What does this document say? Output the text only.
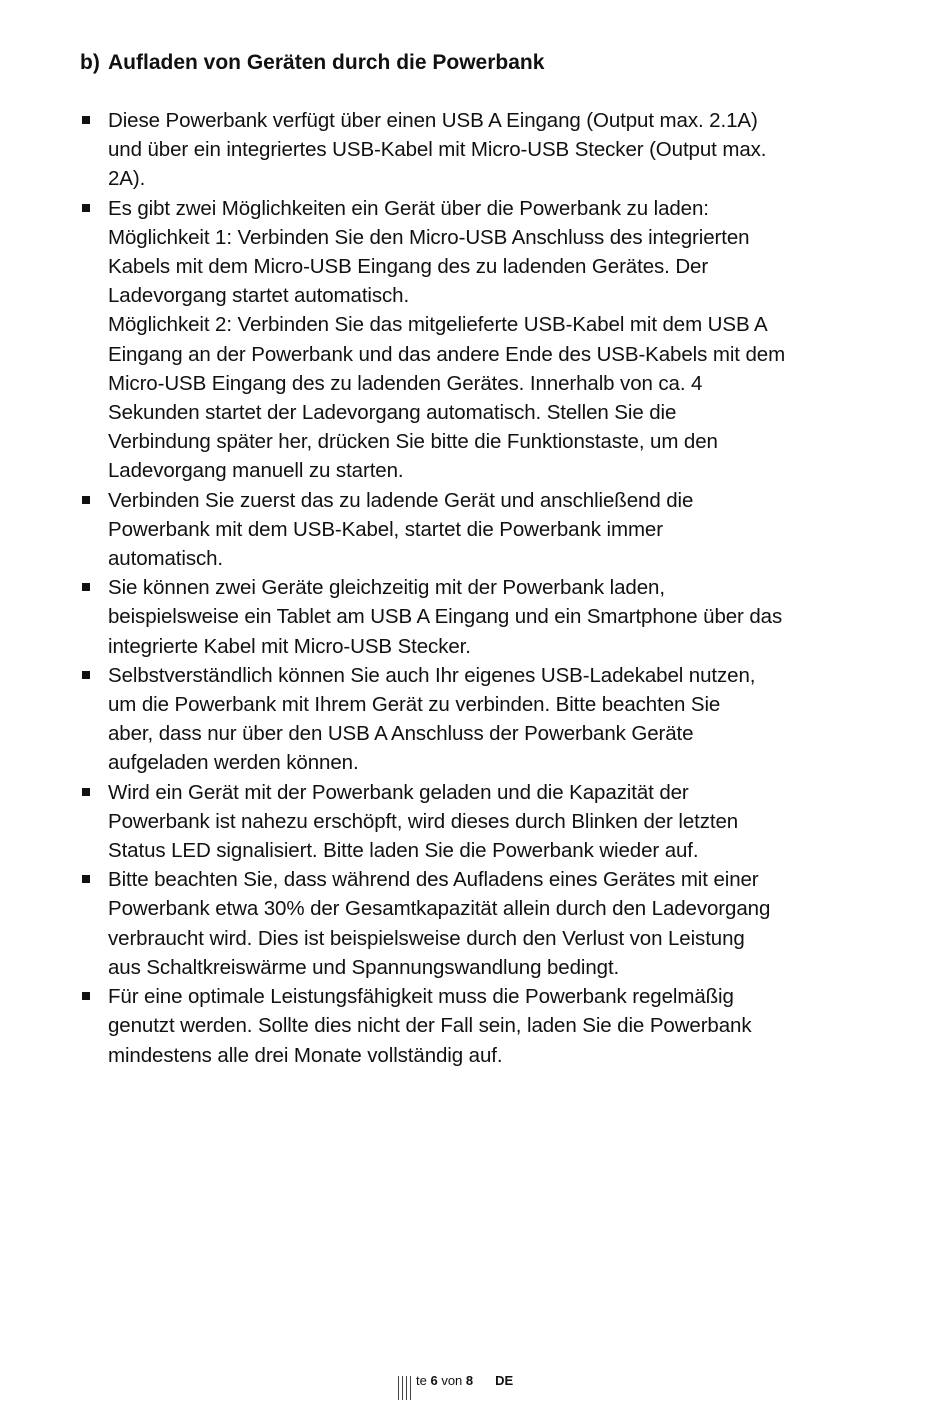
b) Aufladen von Geräten durch die Powerbank
Diese Powerbank verfügt über einen USB A Eingang (Output max. 2.1A)
und über ein integriertes USB-Kabel mit Micro-USB Stecker (Output max.
2A).
Es gibt zwei Möglichkeiten ein Gerät über die Powerbank zu laden:
Möglichkeit 1: Verbinden Sie den Micro-USB Anschluss des integrierten
Kabels mit dem Micro-USB Eingang des zu ladenden Gerätes. Der
Ladevorgang startet automatisch.
Möglichkeit 2: Verbinden Sie das mitgelieferte USB-Kabel mit dem USB A
Eingang an der Powerbank und das andere Ende des USB-Kabels mit dem
Micro-USB Eingang des zu ladenden Gerätes. Innerhalb von ca. 4
Sekunden startet der Ladevorgang automatisch. Stellen Sie die
Verbindung später her, drücken Sie bitte die Funktionstaste, um den
Ladevorgang manuell zu starten.
Verbinden Sie zuerst das zu ladende Gerät und anschließend die
Powerbank mit dem USB-Kabel, startet die Powerbank immer
automatisch.
Sie können zwei Geräte gleichzeitig mit der Powerbank laden,
beispielsweise ein Tablet am USB A Eingang und ein Smartphone über das
integrierte Kabel mit Micro-USB Stecker.
Selbstverständlich können Sie auch Ihr eigenes USB-Ladekabel nutzen,
um die Powerbank mit Ihrem Gerät zu verbinden. Bitte beachten Sie
aber, dass nur über den USB A Anschluss der Powerbank Geräte
aufgeladen werden können.
Wird ein Gerät mit der Powerbank geladen und die Kapazität der
Powerbank ist nahezu erschöpft, wird dieses durch Blinken der letzten
Status LED signalisiert. Bitte laden Sie die Powerbank wieder auf.
Bitte beachten Sie, dass während des Aufladens eines Gerätes mit einer
Powerbank etwa 30% der Gesamtkapazität allein durch den Ladevorgang
verbraucht wird. Dies ist beispielsweise durch den Verlust von Leistung
aus Schaltkreiswärme und Spannungswandlung bedingt.
Für eine optimale Leistungsfähigkeit muss die Powerbank regelmäßig
genutzt werden. Sollte dies nicht der Fall sein, laden Sie die Powerbank
mindestens alle drei Monate vollständig auf.
te 6 von 8 DE
